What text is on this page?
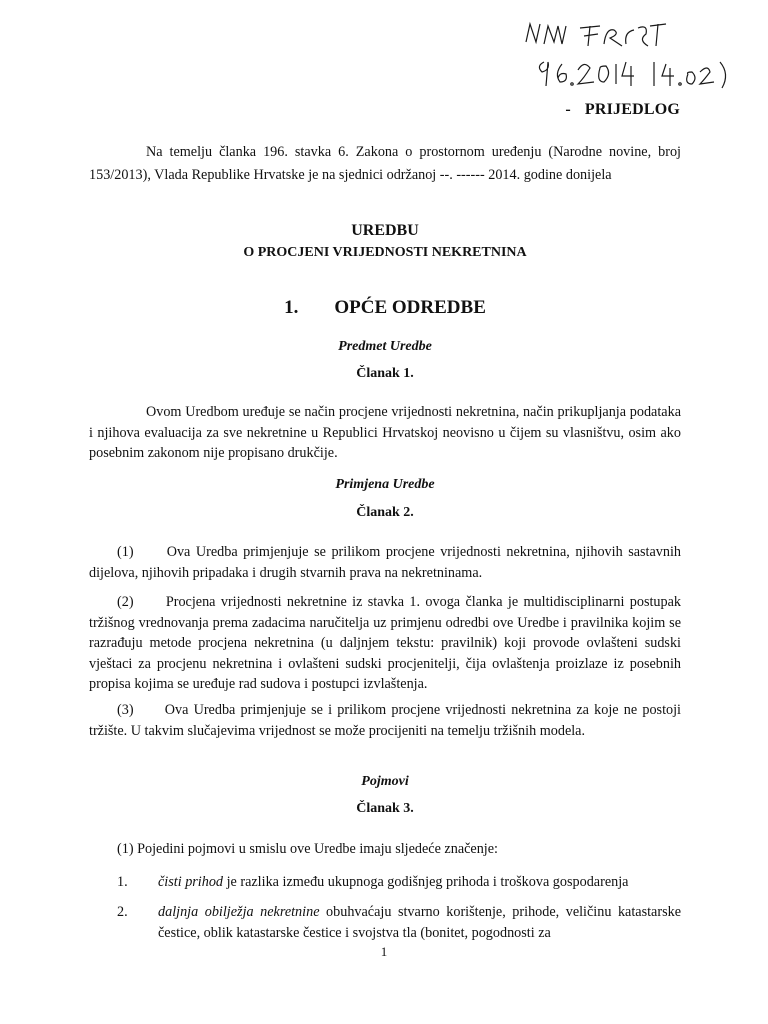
- PRIJEDLOG
Na temelju članka 196. stavka 6. Zakona o prostornom uređenju (Narodne novine, broj 153/2013), Vlada Republike Hrvatske je na sjednici održanoj --. ------ 2014. godine donijela
UREDBU
O PROCJENI VRIJEDNOSTI NEKRETNINA
1. OPĆE ODREDBE
Predmet Uredbe
Članak 1.
Ovom Uredbom uređuje se način procjene vrijednosti nekretnina, način prikupljanja podataka i njihova evaluacija za sve nekretnine u Republici Hrvatskoj neovisno u čijem su vlasništvu, osim ako posebnim zakonom nije propisano drukčije.
Primjena Uredbe
Članak 2.
(1)      Ova Uredba primjenjuje se prilikom procjene vrijednosti nekretnina, njihovih sastavnih dijelova, njihovih pripadaka i drugih stvarnih prava na nekretninama.
(2)      Procjena vrijednosti nekretnine iz stavka 1. ovoga članka je multidisciplinarni postupak tržišnog vrednovanja prema zadacima naručitelja uz primjenu odredbi ove Uredbe i pravilnika kojim se razrađuju metode procjena nekretnina (u daljnjem tekstu: pravilnik) koji provode ovlašteni sudski vještaci za procjenu nekretnina i ovlašteni sudski procjenitelji, čija ovlaštenja proizlaze iz posebnih propisa kojima se uređuje rad sudova i postupci izvlaštenja.
(3)      Ova Uredba primjenjuje se i prilikom procjene vrijednosti nekretnina za koje ne postoji tržište. U takvim slučajevima vrijednost se može procijeniti na temelju tržišnih modela.
Pojmovi
Članak 3.
(1) Pojedini pojmovi u smislu ove Uredbe imaju sljedeće značenje:
1. čisti prihod je razlika između ukupnoga godišnjeg prihoda i troškova gospodarenja
2. daljnja obilježja nekretnine obuhvaćaju stvarno korištenje, prihode, veličinu katastarske čestice, oblik katastarske čestice i svojstva tla (bonitet, pogodnosti za
1
